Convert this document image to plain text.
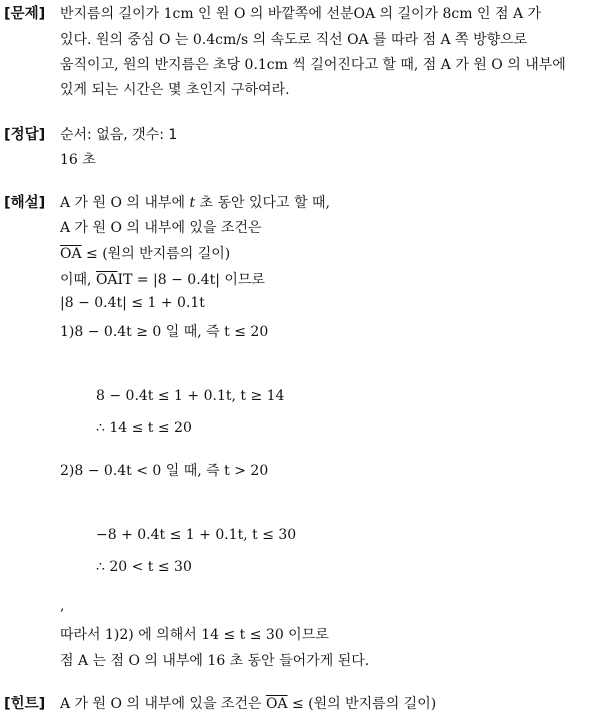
[문제] 반지름의 길이가 1cm 인 원 O 의 바깥쪽에 선분OA 의 길이가 8cm 인 점 A 가
있다. 원의 중심 O 는 0.4cm/s 의 속도로 직선 OA 를 따라 점 A 쪽 방향으로
움직이고, 원의 반지름은 초당 0.1cm 씩 길어진다고 할 때, 점 A 가 원 O 의 내부에
있게 되는 시간은 몇 초인지 구하여라.
[정답] 순서: 없음, 갯수: 1
16 초
[해설] A 가 원 O 의 내부에 t 초 동안 있다고 할 때,
A 가 원 O 의 내부에 있을 조건은
$\overline{OA}$ ≤ (원의 반지름의 길이)
이때, $\overline{OA}IT = |8 - 0.4t|$ 이므로
|8 − 0.4t| ≤ 1 + 0.1t
1)8 − 0.4t ≥ 0 일 때, 즉 t ≤ 20
8 − 0.4t ≤ 1 + 0.1t, t ≥ 14
∴ 14 ≤ t ≤ 20
2)8 − 0.4t < 0 일 때, 즉 t > 20
−8 + 0.4t ≤ 1 + 0.1t, t ≤ 30
∴ 20 < t ≤ 30
,
따라서 1)2) 에 의해서 14 ≤ t ≤ 30 이므로
점 A 는 점 O 의 내부에 16 초 동안 들어가게 된다.
[힌트] A 가 원 O 의 내부에 있을 조건은 $\overline{OA}$ ≤ (원의 반지름의 길이)
